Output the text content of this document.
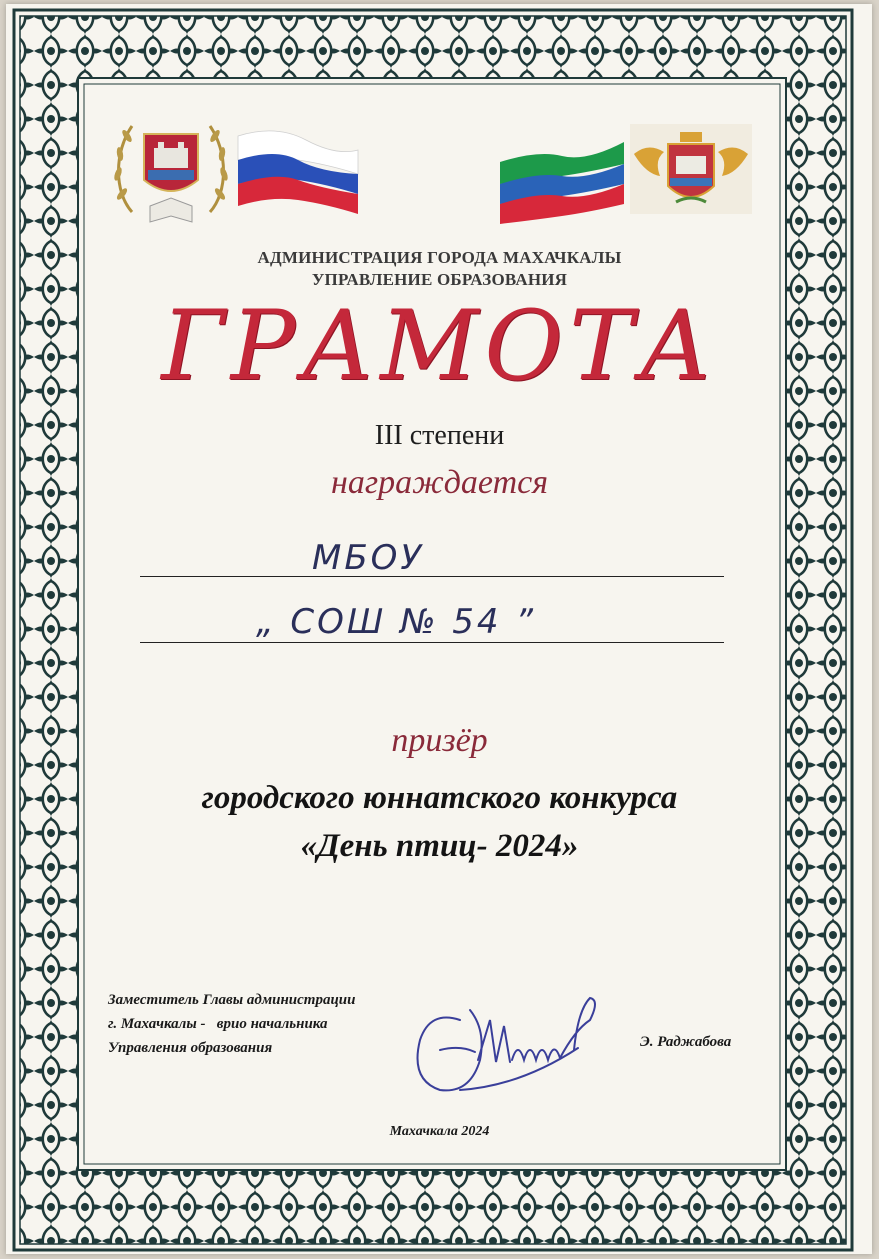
АДМИНИСТРАЦИЯ ГОРОДА МАХАЧКАЛЫ
УПРАВЛЕНИЕ ОБРАЗОВАНИЯ
ГРАМОТА
III степени
награждается
МБОУ
„ СОШ № 54 ”
призёр
городского юннатского конкурса
«День птиц- 2024»
Заместитель Главы администрации
г. Махачкалы -   врио начальника
Управления образования	Э. Раджабова
Махачкала 2024
